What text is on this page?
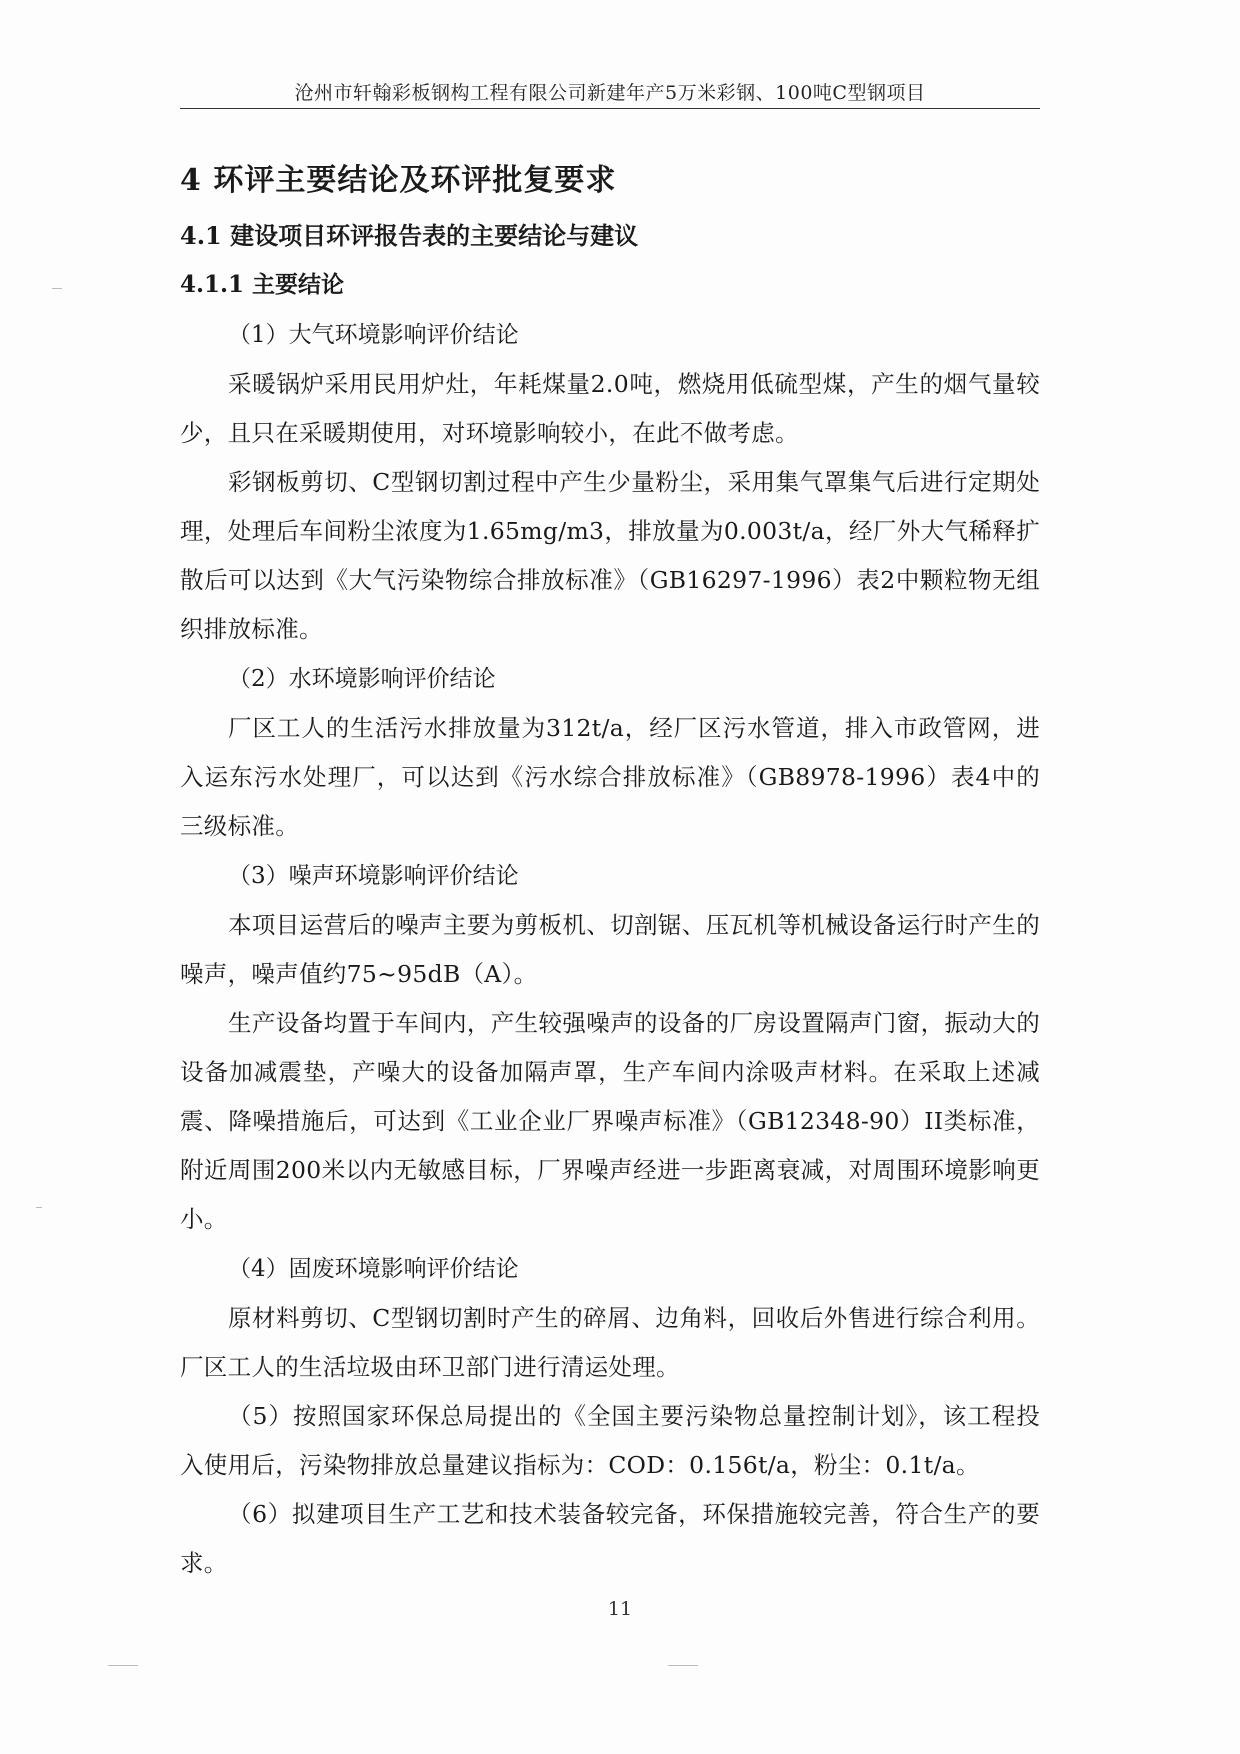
沧州市轩翰彩板钢构工程有限公司新建年产5万米彩钢、100吨C型钢项目
4 环评主要结论及环评批复要求
4.1 建设项目环评报告表的主要结论与建议
4.1.1 主要结论
（1）大气环境影响评价结论

采暖锅炉采用民用炉灶，年耗煤量2.0吨，燃烧用低硫型煤，产生的烟气量较少，且只在采暖期使用，对环境影响较小，在此不做考虑。

彩钢板剪切、C型钢切割过程中产生少量粉尘，采用集气罩集气后进行定期处理，处理后车间粉尘浓度为1.65mg/m3，排放量为0.003t/a，经厂外大气稀释扩散后可以达到《大气污染物综合排放标准》（GB16297-1996）表2中颗粒物无组织排放标准。

（2）水环境影响评价结论

厂区工人的生活污水排放量为312t/a，经厂区污水管道，排入市政管网，进入运东污水处理厂，可以达到《污水综合排放标准》（GB8978-1996）表4中的三级标准。

（3）噪声环境影响评价结论

本项目运营后的噪声主要为剪板机、切剖锯、压瓦机等机械设备运行时产生的噪声，噪声值约75~95dB（A）。

生产设备均置于车间内，产生较强噪声的设备的厂房设置隔声门窗，振动大的设备加减震垫，产噪大的设备加隔声罩，生产车间内涂吸声材料。在采取上述减震、降噪措施后，可达到《工业企业厂界噪声标准》（GB12348-90）II类标准，附近周围200米以内无敏感目标，厂界噪声经进一步距离衰减，对周围环境影响更小。

（4）固废环境影响评价结论

原材料剪切、C型钢切割时产生的碎屑、边角料，回收后外售进行综合利用。厂区工人的生活垃圾由环卫部门进行清运处理。

（5）按照国家环保总局提出的《全国主要污染物总量控制计划》，该工程投入使用后，污染物排放总量建议指标为：COD：0.156t/a，粉尘：0.1t/a。

（6）拟建项目生产工艺和技术装备较完备，环保措施较完善，符合生产的要求。

11
